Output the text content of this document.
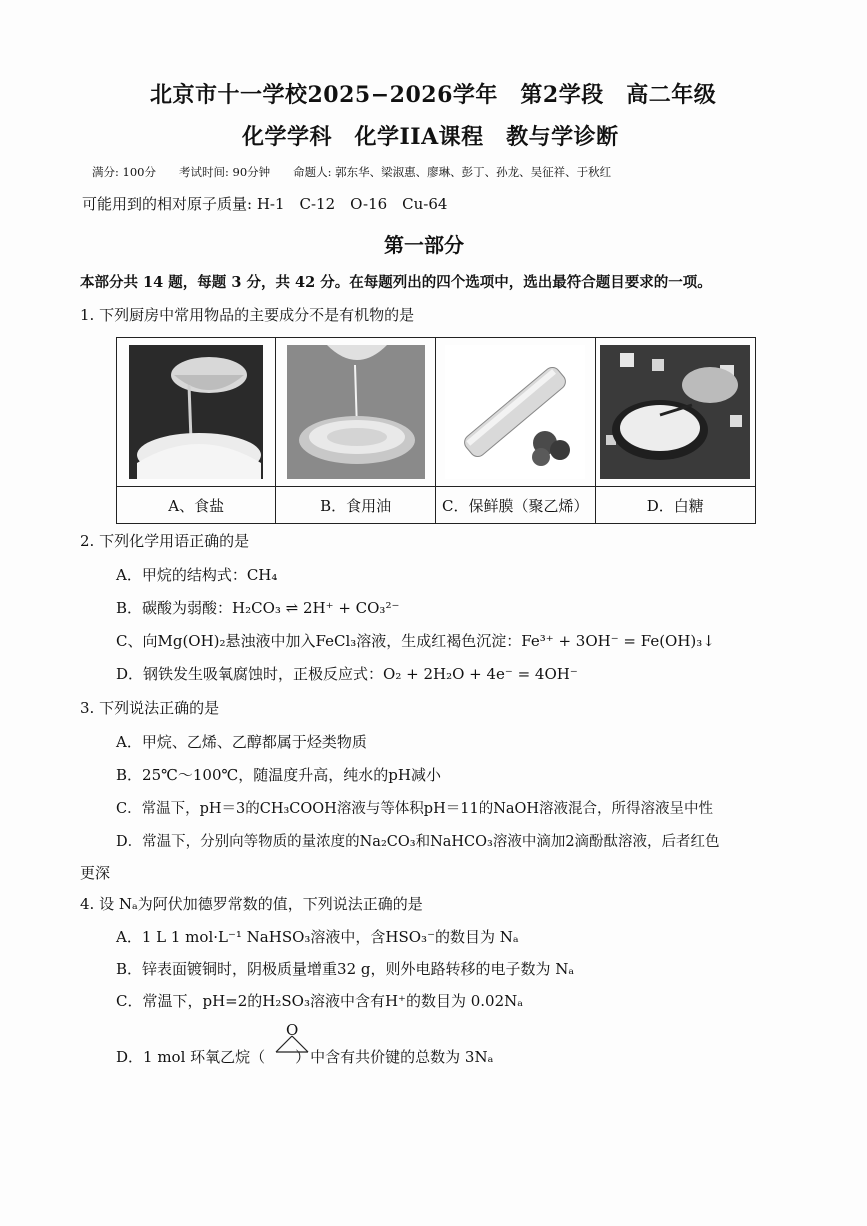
北京市十一学校2025−2026学年　第2学段　高二年级
化学学科　化学IIA课程　教与学诊断
满分: 100分　　考试时间: 90分钟　　命题人: 郭东华、梁淑惠、廖琳、彭丁、孙龙、吴征祥、于秋红
可能用到的相对原子质量: H-1　C-12　O-16　Cu-64
第一部分
本部分共 14 题，每题 3 分，共 42 分。在每题列出的四个选项中，选出最符合题目要求的一项。
1. 下列厨房中常用物品的主要成分不是有机物的是

A、食盐	B．食用油	C．保鲜膜（聚乙烯）	D．白糖
2. 下列化学用语正确的是
A．甲烷的结构式：CH₄
B．碳酸为弱酸：H₂CO₃ ⇌ 2H⁺ + CO₃²⁻
C、向Mg(OH)₂悬浊液中加入FeCl₃溶液，生成红褐色沉淀：Fe³⁺ + 3OH⁻ = Fe(OH)₃↓
D．钢铁发生吸氧腐蚀时，正极反应式：O₂ + 2H₂O + 4e⁻ = 4OH⁻
3. 下列说法正确的是
A．甲烷、乙烯、乙醇都属于烃类物质
B．25℃～100℃，随温度升高，纯水的pH减小
C．常温下，pH＝3的CH₃COOH溶液与等体积pH＝11的NaOH溶液混合，所得溶液呈中性
D．常温下，分别向等物质的量浓度的Na₂CO₃和NaHCO₃溶液中滴加2滴酚酞溶液，后者红色
更深
4. 设 Nₐ为阿伏加德罗常数的值，下列说法正确的是
A．1 L 1 mol·L⁻¹ NaHSO₃溶液中，含HSO₃⁻的数目为 Nₐ
B．锌表面镀铜时，阴极质量增重32 g，则外电路转移的电子数为 Nₐ
C．常温下，pH=2的H₂SO₃溶液中含有H⁺的数目为 0.02Nₐ
O
D．1 mol 环氧乙烷（　　）中含有共价键的总数为 3Nₐ
